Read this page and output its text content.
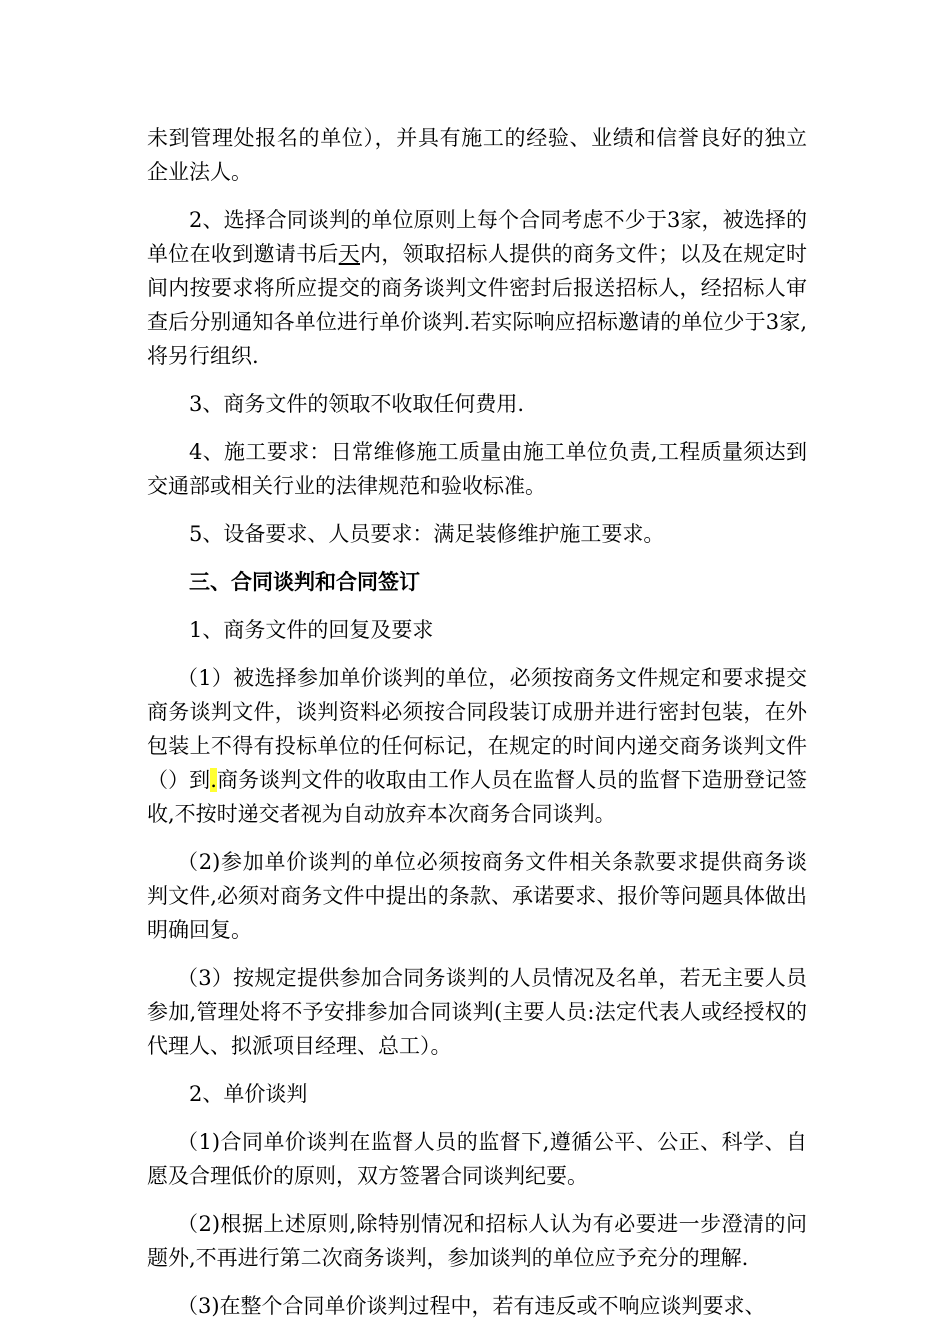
未到管理处报名的单位），并具有施工的经验、业绩和信誉良好的独立企业法人。

2、选择合同谈判的单位原则上每个合同考虑不少于3家，被选择的单位在收到邀请书后天内，领取招标人提供的商务文件；以及在规定时间内按要求将所应提交的商务谈判文件密封后报送招标人，经招标人审查后分别通知各单位进行单价谈判.若实际响应招标邀请的单位少于3家,将另行组织.

3、商务文件的领取不收取任何费用.

4、施工要求：日常维修施工质量由施工单位负责,工程质量须达到交通部或相关行业的法律规范和验收标准。

5、设备要求、人员要求：满足装修维护施工要求。

三、合同谈判和合同签订

1、商务文件的回复及要求

（1）被选择参加单价谈判的单位，必须按商务文件规定和要求提交商务谈判文件，谈判资料必须按合同段装订成册并进行密封包装，在外包装上不得有投标单位的任何标记，在规定的时间内递交商务谈判文件（）到.商务谈判文件的收取由工作人员在监督人员的监督下造册登记签收,不按时递交者视为自动放弃本次商务合同谈判。

（2)参加单价谈判的单位必须按商务文件相关条款要求提供商务谈判文件,必须对商务文件中提出的条款、承诺要求、报价等问题具体做出明确回复。

（3）按规定提供参加合同务谈判的人员情况及名单，若无主要人员参加,管理处将不予安排参加合同谈判(主要人员:法定代表人或经授权的代理人、拟派项目经理、总工）。

2、单价谈判

（1)合同单价谈判在监督人员的监督下,遵循公平、公正、科学、自愿及合理低价的原则，双方签署合同谈判纪要。

（2)根据上述原则,除特别情况和招标人认为有必要进一步澄清的问题外,不再进行第二次商务谈判，参加谈判的单位应予充分的理解.

（3)在整个合同单价谈判过程中，若有违反或不响应谈判要求、
